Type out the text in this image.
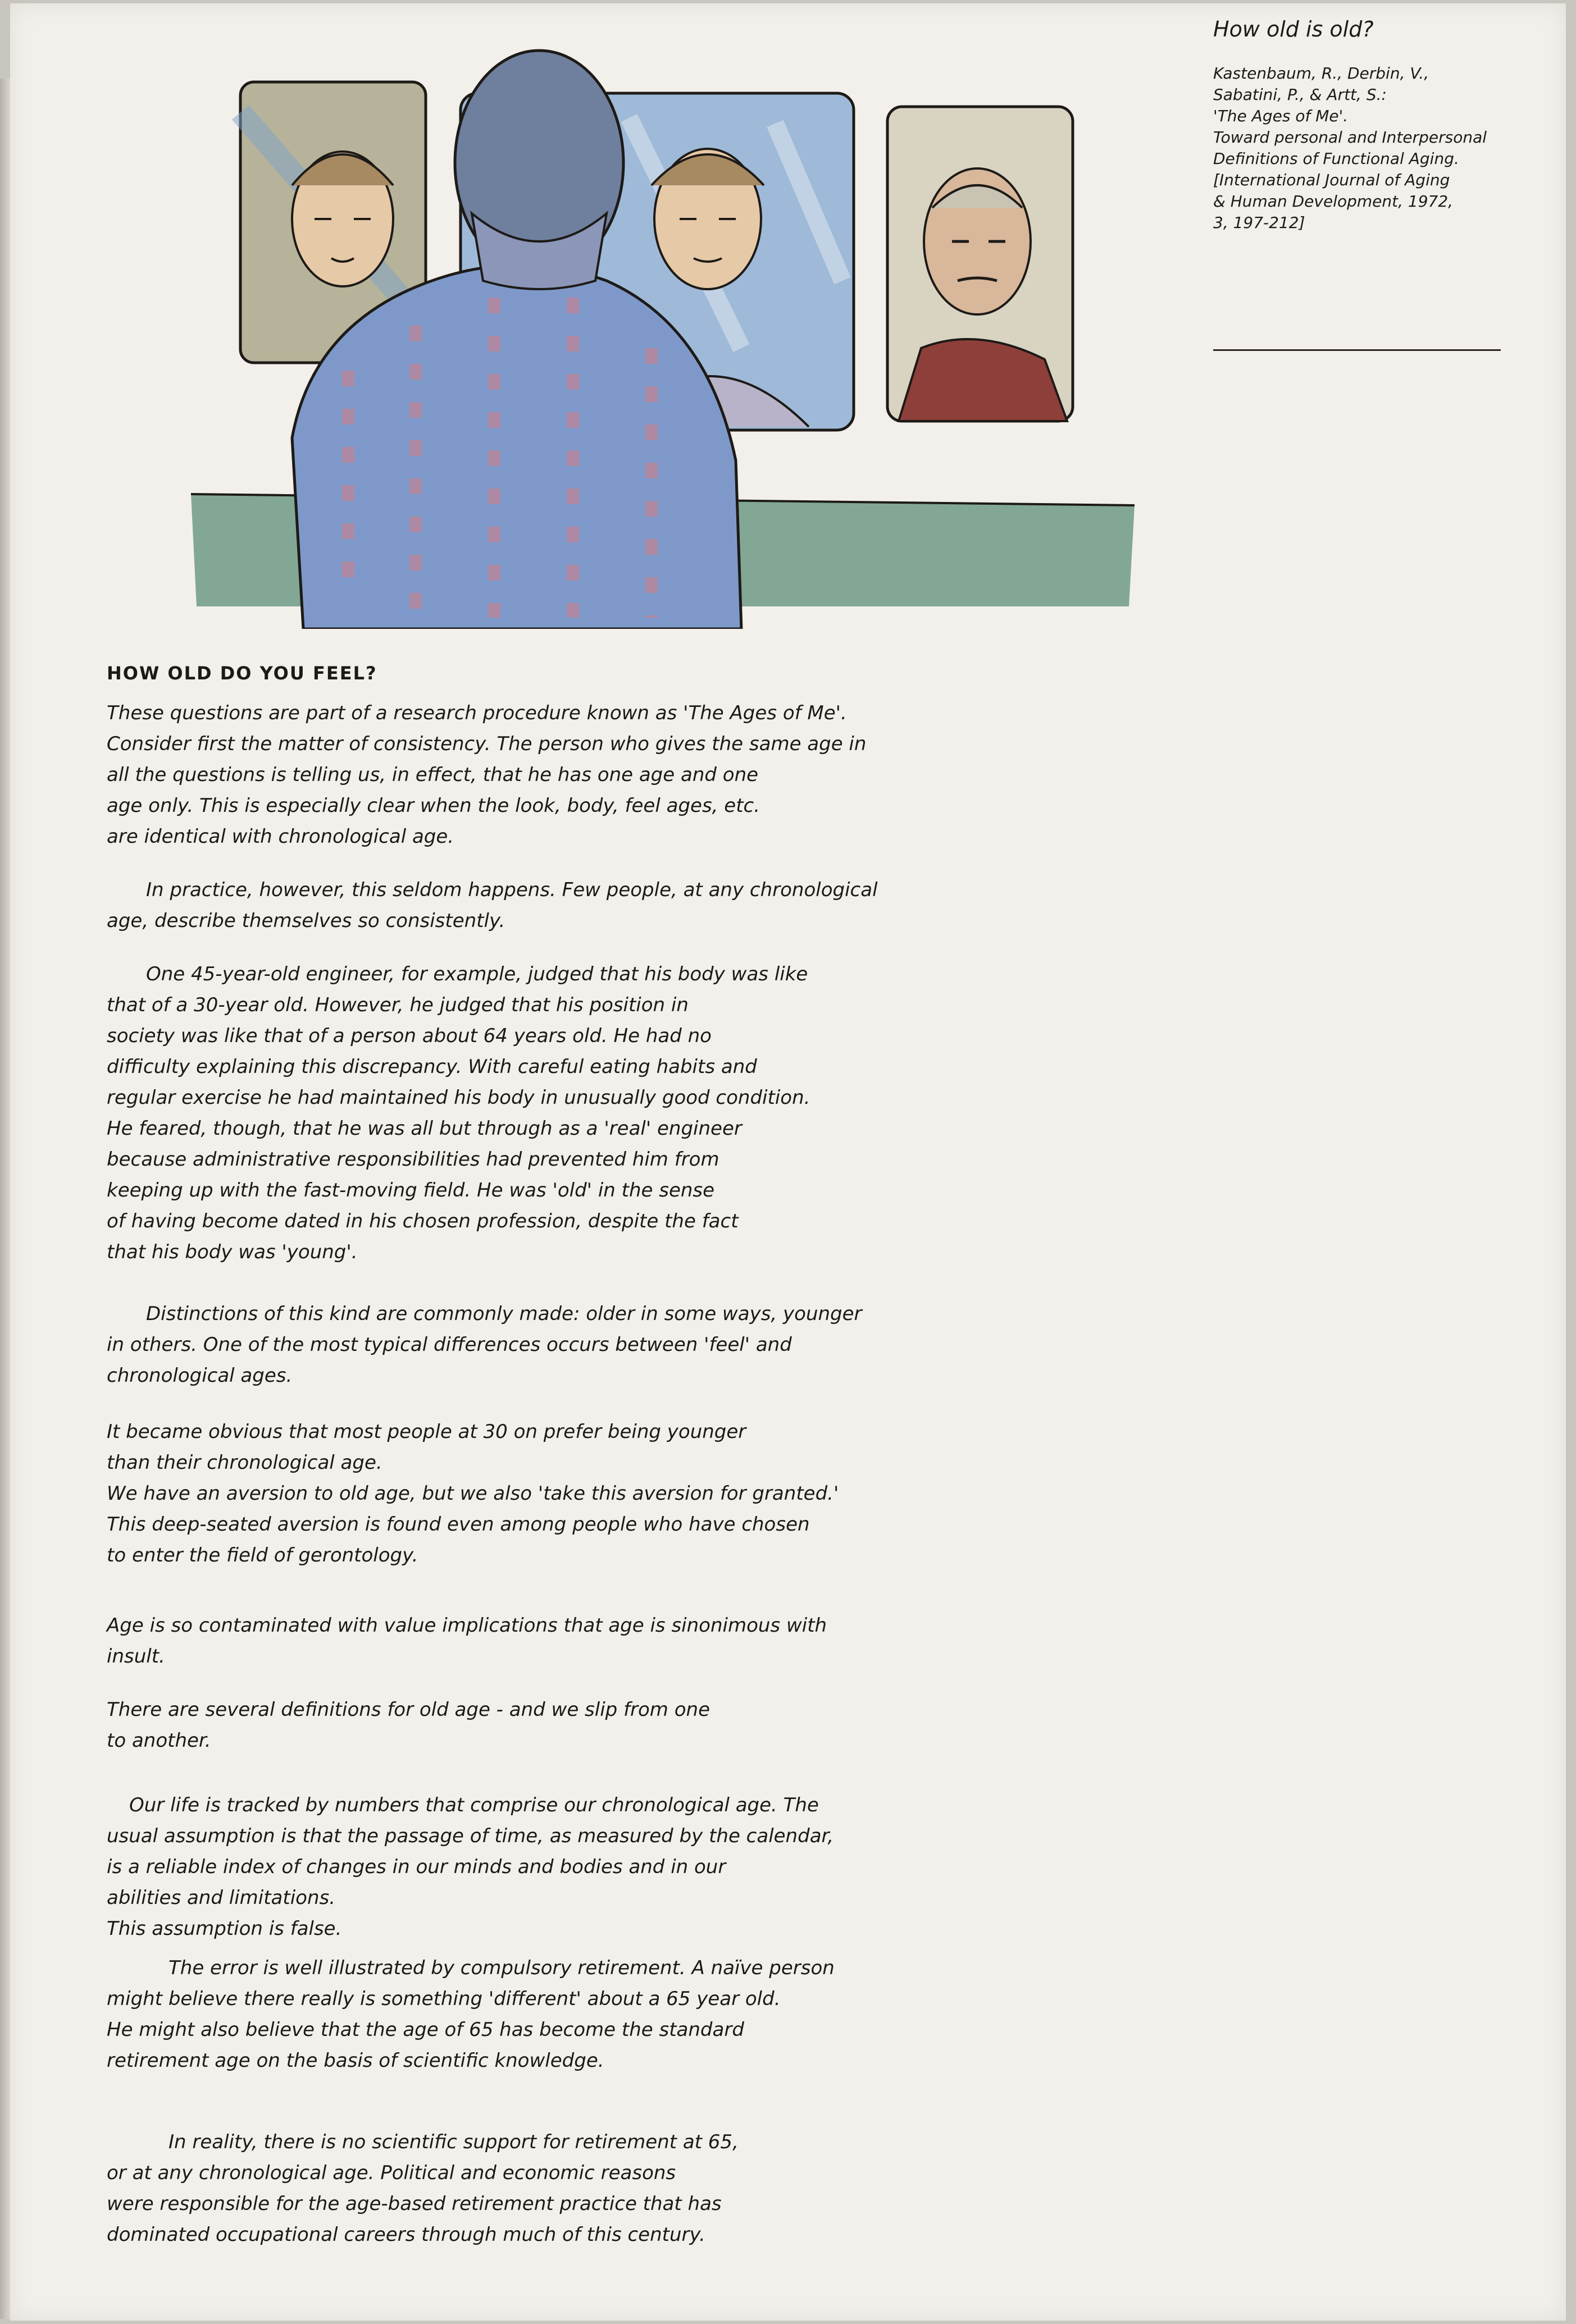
How old is old?
Kastenbaum, R., Derbin, V.,
Sabatini, P., & Artt, S.:
'The Ages of Me'.
Toward personal and Interpersonal
Definitions of Functional Aging.
[International Journal of Aging
& Human Development, 1972,
3, 197-212]
HOW OLD DO YOU FEEL?
These questions are part of a research procedure known as 'The Ages of Me'.
Consider first the matter of consistency. The person who gives the same age in
all the questions is telling us, in effect, that he has one age and one
age only. This is especially clear when the look, body, feel ages, etc.
are identical with chronological age.
In practice, however, this seldom happens. Few people, at any chronological
age, describe themselves so consistently.
One 45-year-old engineer, for example, judged that his body was like
that of a 30-year old. However, he judged that his position in
society was like that of a person about 64 years old. He had no
difficulty explaining this discrepancy. With careful eating habits and
regular exercise he had maintained his body in unusually good condition.
He feared, though, that he was all but through as a 'real' engineer
because administrative responsibilities had prevented him from
keeping up with the fast-moving field. He was 'old' in the sense
of having become dated in his chosen profession, despite the fact
that his body was 'young'.
Distinctions of this kind are commonly made: older in some ways, younger
in others. One of the most typical differences occurs between 'feel' and
chronological ages.
It became obvious that most people at 30 on prefer being younger
than their chronological age.
We have an aversion to old age, but we also 'take this aversion for granted.'
This deep-seated aversion is found even among people who have chosen
to enter the field of gerontology.
Age is so contaminated with value implications that age is sinonimous with
insult.
There are several definitions for old age - and we slip from one
to another.
Our life is tracked by numbers that comprise our chronological age. The
usual assumption is that the passage of time, as measured by the calendar,
is a reliable index of changes in our minds and bodies and in our
abilities and limitations.
This assumption is false.
The error is well illustrated by compulsory retirement. A naïve person
might believe there really is something 'different' about a 65 year old.
He might also believe that the age of 65 has become the standard
retirement age on the basis of scientific knowledge.
In reality, there is no scientific support for retirement at 65,
or at any chronological age. Political and economic reasons
were responsible for the age-based retirement practice that has
dominated occupational careers through much of this century.
